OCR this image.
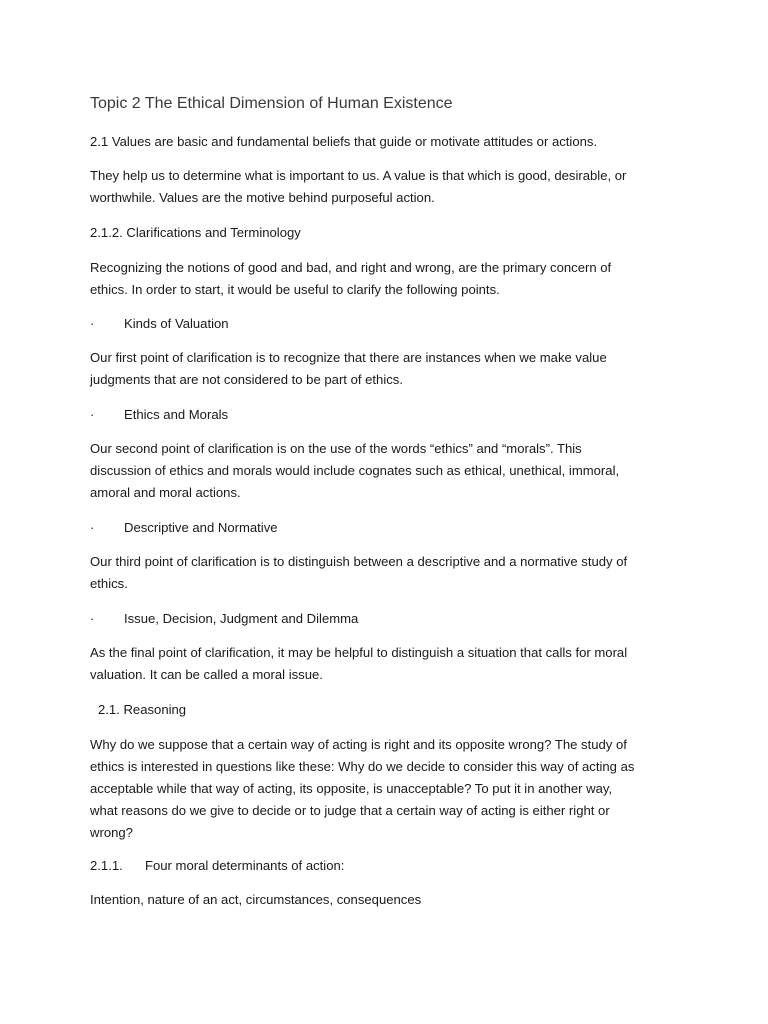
Topic 2 The Ethical Dimension of Human Existence

2.1 Values are basic and fundamental beliefs that guide or motivate attitudes or actions.

They help us to determine what is important to us. A value is that which is good, desirable, or
worthwhile. Values are the motive behind purposeful action.

2.1.2. Clarifications and Terminology

Recognizing the notions of good and bad, and right and wrong, are the primary concern of
ethics. In order to start, it would be useful to clarify the following points.

· Kinds of Valuation

Our first point of clarification is to recognize that there are instances when we make value
judgments that are not considered to be part of ethics.

· Ethics and Morals

Our second point of clarification is on the use of the words “ethics” and “morals”. This
discussion of ethics and morals would include cognates such as ethical, unethical, immoral,
amoral and moral actions.

· Descriptive and Normative

Our third point of clarification is to distinguish between a descriptive and a normative study of
ethics.

· Issue, Decision, Judgment and Dilemma

As the final point of clarification, it may be helpful to distinguish a situation that calls for moral
valuation. It can be called a moral issue.

2.1. Reasoning

Why do we suppose that a certain way of acting is right and its opposite wrong? The study of
ethics is interested in questions like these: Why do we decide to consider this way of acting as
acceptable while that way of acting, its opposite, is unacceptable? To put it in another way,
what reasons do we give to decide or to judge that a certain way of acting is either right or
wrong?

2.1.1. Four moral determinants of action:

Intention, nature of an act, circumstances, consequences
